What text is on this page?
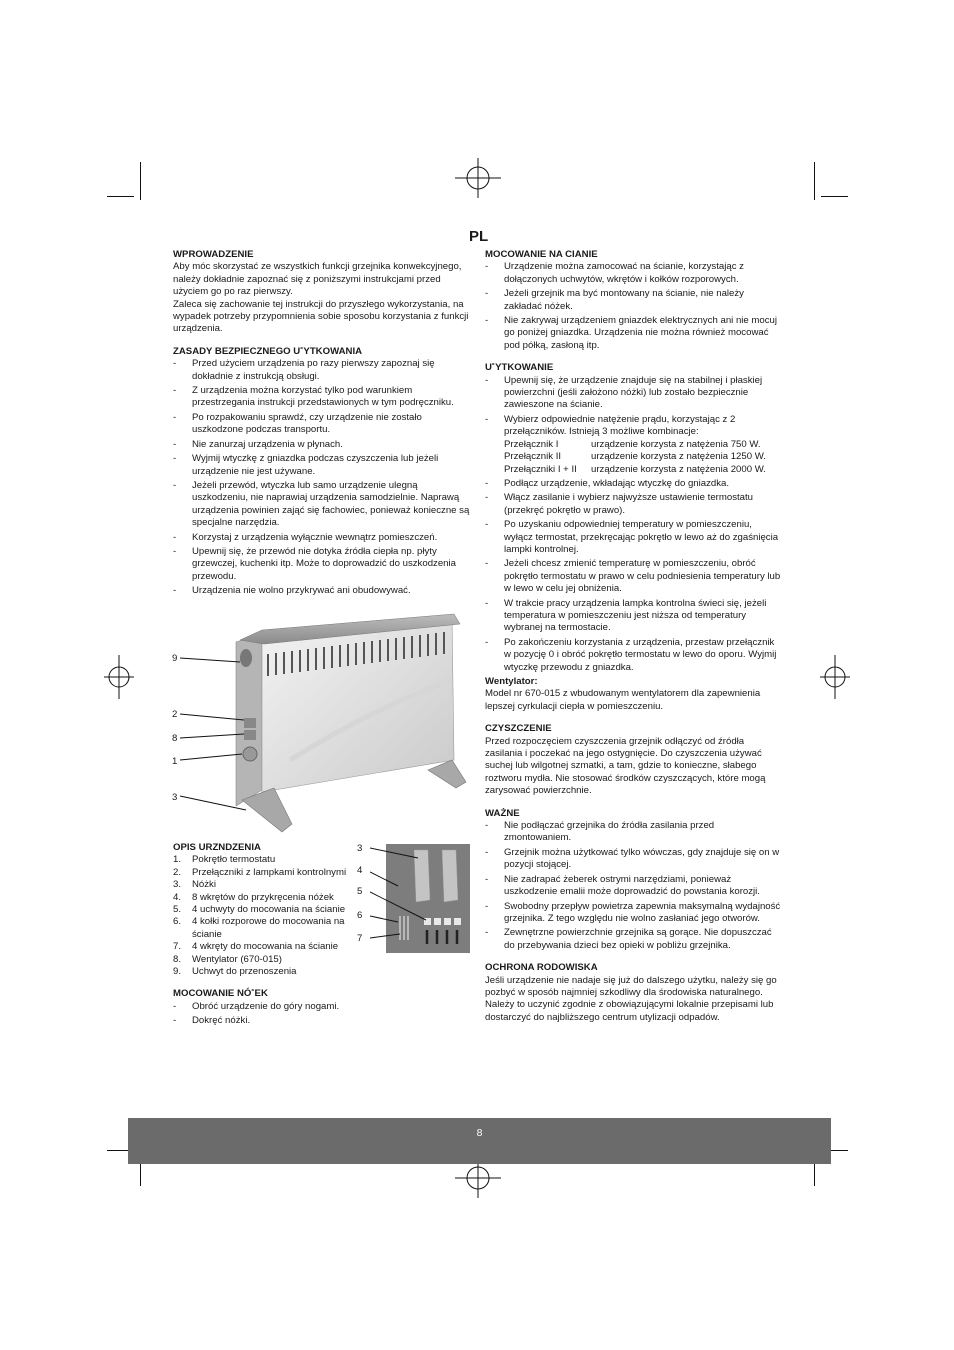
PL

WPROWADZENIE

Aby móc skorzystać ze wszystkich funkcji grzejnika konwekcyjnego, należy dokładnie zapoznać się z poniższymi instrukcjami przed użyciem go po raz pierwszy.

Zaleca się zachowanie tej instrukcji do przyszłego wykorzystania, na wypadek potrzeby przypomnienia sobie sposobu korzystania z funkcji urządzenia.

ZASADY BEZPIECZNEGO U˚YTKOWANIA

- Przed użyciem urządzenia po razy pierwszy zapoznaj się dokładnie z instrukcją obsługi.
- Z urządzenia można korzystać tylko pod warunkiem przestrzegania instrukcji przedstawionych w tym podręczniku.
- Po rozpakowaniu sprawdź, czy urządzenie nie zostało uszkodzone podczas transportu.
- Nie zanurzaj urządzenia w płynach.
- Wyjmij wtyczkę z gniazdka podczas czyszczenia lub jeżeli urządzenie nie jest używane.
- Jeżeli przewód, wtyczka lub samo urządzenie ulegną uszkodzeniu, nie naprawiaj urządzenia samodzielnie. Naprawą urządzenia powinien zająć się fachowiec, ponieważ konieczne są specjalne narzędzia.
- Korzystaj z urządzenia wyłącznie wewnątrz pomieszczeń.
- Upewnij się, że przewód nie dotyka źródła ciepła np. płyty grzewczej, kuchenki itp. Może to doprowadzić do uszkodzenia przewodu.
- Urządzenia nie wolno przykrywać ani obudowywać.
9
2
8
1
3

OPIS URZNDZENIA

1.	Pokrętło termostatu
2.	Przełączniki z lampkami kontrolnymi
3.	Nóżki
4.	8 wkrętów do przykręcenia nóżek
5.	4 uchwyty do mocowania na ścianie
6.	4 kołki rozporowe do mocowania na ścianie
7.	4 wkręty do mocowania na ścianie
8.	Wentylator (670-015)
9.	Uchwyt do przenoszenia

MOCOWANIE NÓ˚EK

- Obróć urządzenie do góry nogami.
- Dokręć nóżki.
3
4
5
6
7

MOCOWANIE NA CIANIE

- Urządzenie można zamocować na ścianie, korzystając z dołączonych uchwytów, wkrętów i kołków rozporowych.
- Jeżeli grzejnik ma być montowany na ścianie, nie należy zakładać nóżek.
- Nie zakrywaj urządzeniem gniazdek elektrycznych ani nie mocuj go poniżej gniazdka. Urządzenia nie można również mocować pod półką, zasłoną itp.

U˚YTKOWANIE

- Upewnij się, że urządzenie znajduje się na stabilnej i płaskiej powierzchni (jeśli założono nóżki) lub zostało bezpiecznie zawieszone na ścianie.
- Wybierz odpowiednie natężenie prądu, korzystając z 2 przełączników. Istnieją 3 możliwe kombinacje:
Przełącznik I	urządzenie korzysta z natężenia 750 W.
Przełącznik II	urządzenie korzysta z natężenia 1250 W.
Przełączniki I + II	urządzenie korzysta z natężenia 2000 W.
- Podłącz urządzenie, wkładając wtyczkę do gniazdka.
- Włącz zasilanie i wybierz najwyższe ustawienie termostatu (przekręć pokrętło w prawo).
- Po uzyskaniu odpowiedniej temperatury w pomieszczeniu, wyłącz termostat, przekręcając pokrętło w lewo aż do zgaśnięcia lampki kontrolnej.
- Jeżeli chcesz zmienić temperaturę w pomieszczeniu, obróć pokrętło termostatu w prawo w celu podniesienia temperatury lub w lewo w celu jej obniżenia.
- W trakcie pracy urządzenia lampka kontrolna świeci się, jeżeli temperatura w pomieszczeniu jest niższa od temperatury wybranej na termostacie.
- Po zakończeniu korzystania z urządzenia, przestaw przełącznik w pozycję 0 i obróć pokrętło termostatu w lewo do oporu. Wyjmij wtyczkę przewodu z gniazdka.

Wentylator:

Model nr 670-015 z wbudowanym wentylatorem dla zapewnienia lepszej cyrkulacji ciepła w pomieszczeniu.

CZYSZCZENIE

Przed rozpoczęciem czyszczenia grzejnik odłączyć od źródła zasilania i poczekać na jego ostygnięcie. Do czyszczenia używać suchej lub wilgotnej szmatki, a tam, gdzie to konieczne, słabego roztworu mydła. Nie stosować środków czyszczących, które mogą zarysować powierzchnie.

WAŻNE

- Nie podłączać grzejnika do źródła zasilania przed zmontowaniem.
- Grzejnik można użytkować tylko wówczas, gdy znajduje się on w pozycji stojącej.
- Nie zadrapać żeberek ostrymi narzędziami, ponieważ uszkodzenie emalii może doprowadzić do powstania korozji.
- Swobodny przepływ powietrza zapewnia maksymalną wydajność grzejnika. Z tego względu nie wolno zasłaniać jego otworów.
- Zewnętrzne powierzchnie grzejnika są gorące. Nie dopuszczać do przebywania dzieci bez opieki w pobliżu grzejnika.

OCHRONA RODOWISKA

Jeśli urządzenie nie nadaje się już do dalszego użytku, należy się go pozbyć w sposób najmniej szkodliwy dla środowiska naturalnego. Należy to uczynić zgodnie z obowiązującymi lokalnie przepisami lub dostarczyć do najbliższego centrum utylizacji odpadów.

8
